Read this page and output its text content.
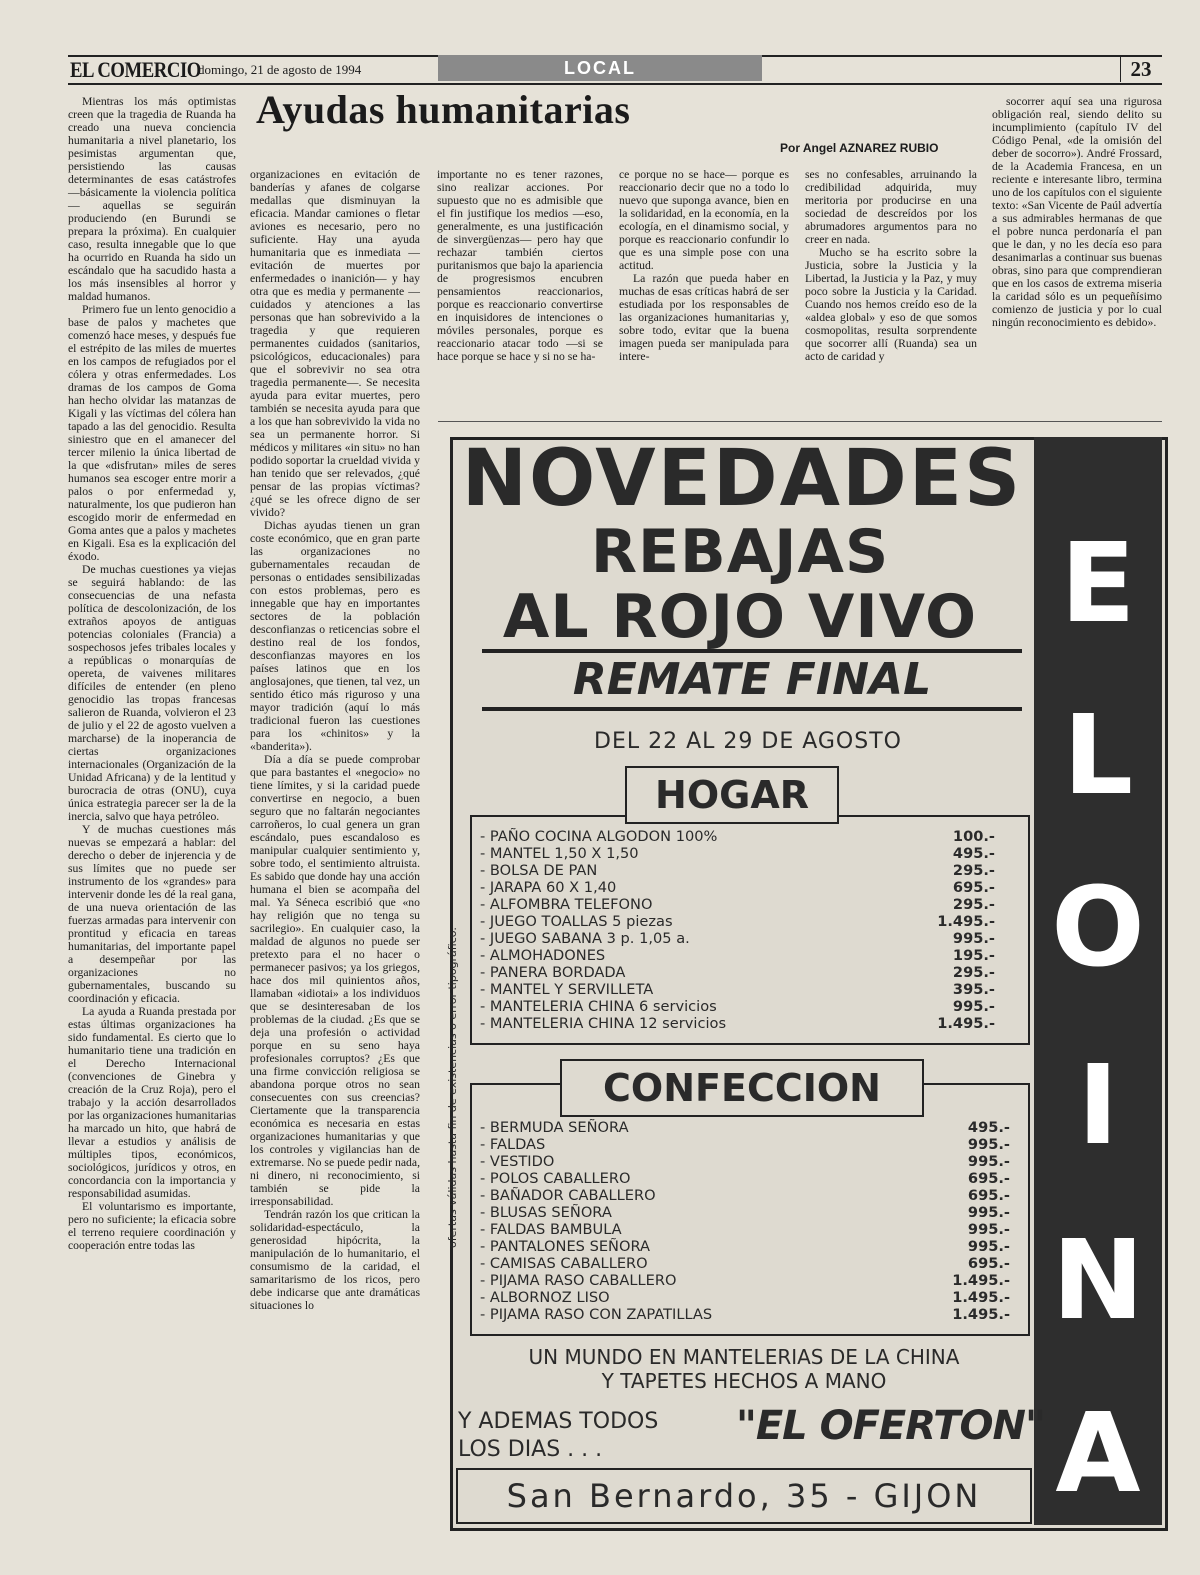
EL COMERCIO
domingo, 21 de agosto de 1994	LOCAL	23
Ayudas humanitarias
Por Angel AZNAREZ RUBIO

Mientras los más optimistas creen que la tragedia de Ruanda ha creado una nueva conciencia humanitaria a nivel planetario, los pesimistas argumentan que, persistiendo las causas determinantes de esas catástrofes —básicamente la violencia política— aquellas se seguirán produciendo (en Burundi se prepara la próxima). En cualquier caso, resulta innegable que lo que ha ocurrido en Ruanda ha sido un escándalo que ha sacudido hasta a los más insensibles al horror y maldad humanos.

Primero fue un lento genocidio a base de palos y machetes que comenzó hace meses, y después fue el estrépito de las miles de muertes en los campos de refugiados por el cólera y otras enfermedades. Los dramas de los campos de Goma han hecho olvidar las matanzas de Kigali y las víctimas del cólera han tapado a las del genocidio. Resulta siniestro que en el amanecer del tercer milenio la única libertad de la que «disfrutan» miles de seres humanos sea escoger entre morir a palos o por enfermedad y, naturalmente, los que pudieron han escogido morir de enfermedad en Goma antes que a palos y machetes en Kigali. Esa es la explicación del éxodo.

De muchas cuestiones ya viejas se seguirá hablando: de las consecuencias de una nefasta política de descolonización, de los extraños apoyos de antiguas potencias coloniales (Francia) a sospechosos jefes tribales locales y a repúblicas o monarquías de opereta, de vaivenes militares difíciles de entender (en pleno genocidio las tropas francesas salieron de Ruanda, volvieron el 23 de julio y el 22 de agosto vuelven a marcharse) de la inoperancia de ciertas organizaciones internacionales (Organización de la Unidad Africana) y de la lentitud y burocracia de otras (ONU), cuya única estrategia parecer ser la de la inercia, salvo que haya petróleo.

Y de muchas cuestiones más nuevas se empezará a hablar: del derecho o deber de injerencia y de sus límites que no puede ser instrumento de los «grandes» para intervenir donde les dé la real gana, de una nueva orientación de las fuerzas armadas para intervenir con prontitud y eficacia en tareas humanitarias, del importante papel a desempeñar por las organizaciones no gubernamentales, buscando su coordinación y eficacia.

La ayuda a Ruanda prestada por estas últimas organizaciones ha sido fundamental. Es cierto que lo humanitario tiene una tradición en el Derecho Internacional (convenciones de Ginebra y creación de la Cruz Roja), pero el trabajo y la acción desarrollados por las organizaciones humanitarias ha marcado un hito, que habrá de llevar a estudios y análisis de múltiples tipos, económicos, sociológicos, jurídicos y otros, en concordancia con la importancia y responsabilidad asumidas.

El voluntarismo es importante, pero no suficiente; la eficacia sobre el terreno requiere coordinación y cooperación entre todas las

organizaciones en evitación de banderías y afanes de colgarse medallas que disminuyan la eficacia. Mandar camiones o fletar aviones es necesario, pero no suficiente. Hay una ayuda humanitaria que es inmediata —evitación de muertes por enfermedades o inanición— y hay otra que es media y permanente —cuidados y atenciones a las personas que han sobrevivido a la tragedia y que requieren permanentes cuidados (sanitarios, psicológicos, educacionales) para que el sobrevivir no sea otra tragedia permanente—. Se necesita ayuda para evitar muertes, pero también se necesita ayuda para que a los que han sobrevivido la vida no sea un permanente horror. Si médicos y militares «in situ» no han podido soportar la crueldad vivida y han tenido que ser relevados, ¿qué pensar de las propias víctimas? ¿qué se les ofrece digno de ser vivido?

Dichas ayudas tienen un gran coste económico, que en gran parte las organizaciones no gubernamentales recaudan de personas o entidades sensibilizadas con estos problemas, pero es innegable que hay en importantes sectores de la población desconfianzas o reticencias sobre el destino real de los fondos, desconfianzas mayores en los países latinos que en los anglosajones, que tienen, tal vez, un sentido ético más riguroso y una mayor tradición (aquí lo más tradicional fueron las cuestiones para los «chinitos» y la «banderita»).

Día a día se puede comprobar que para bastantes el «negocio» no tiene límites, y si la caridad puede convertirse en negocio, a buen seguro que no faltarán negociantes carroñeros, lo cual genera un gran escándalo, pues escandaloso es manipular cualquier sentimiento y, sobre todo, el sentimiento altruista. Es sabido que donde hay una acción humana el bien se acompaña del mal. Ya Séneca escribió que «no hay religión que no tenga su sacrilegio». En cualquier caso, la maldad de algunos no puede ser pretexto para el no hacer o permanecer pasivos; ya los griegos, hace dos mil quinientos años, llamaban «idiotai» a los individuos que se desinteresaban de los problemas de la ciudad. ¿Es que se deja una profesión o actividad porque en su seno haya profesionales corruptos? ¿Es que una firme convicción religiosa se abandona porque otros no sean consecuentes con sus creencias? Ciertamente que la transparencia económica es necesaria en estas organizaciones humanitarias y que los controles y vigilancias han de extremarse. No se puede pedir nada, ni dinero, ni reconocimiento, si también se pide la irresponsabilidad.

Tendrán razón los que critican la solidaridad-espectáculo, la generosidad hipócrita, la manipulación de lo humanitario, el consumismo de la caridad, el samaritarismo de los ricos, pero debe indicarse que ante dramáticas situaciones lo

importante no es tener razones, sino realizar acciones. Por supuesto que no es admisible que el fin justifique los medios —eso, generalmente, es una justificación de sinvergüenzas— pero hay que rechazar también ciertos puritanismos que bajo la apariencia de progresismos encubren pensamientos reaccionarios, porque es reaccionario convertirse en inquisidores de intenciones o móviles personales, porque es reaccionario atacar todo —si se hace porque se hace y si no se ha-

ce porque no se hace— porque es reaccionario decir que no a todo lo nuevo que suponga avance, bien en la solidaridad, en la economía, en la ecología, en el dinamismo social, y porque es reaccionario confundir lo que es una simple pose con una actitud.

La razón que pueda haber en muchas de esas críticas habrá de ser estudiada por los responsables de las organizaciones humanitarias y, sobre todo, evitar que la buena imagen pueda ser manipulada para intere-

ses no confesables, arruinando la credibilidad adquirida, muy meritoria por producirse en una sociedad de descreídos por los abrumadores argumentos para no creer en nada.

Mucho se ha escrito sobre la Justicia, sobre la Justicia y la Libertad, la Justicia y la Paz, y muy poco sobre la Justicia y la Caridad. Cuando nos hemos creído eso de la «aldea global» y eso de que somos cosmopolitas, resulta sorprendente que socorrer allí (Ruanda) sea un acto de caridad y

socorrer aquí sea una rigurosa obligación real, siendo delito su incumplimiento (capítulo IV del Código Penal, «de la omisión del deber de socorro»). André Frossard, de la Academia Francesa, en un reciente e interesante libro, termina uno de los capítulos con el siguiente texto: «San Vicente de Paúl advertía a sus admirables hermanas de que el pobre nunca perdonaría el pan que le dan, y no les decía eso para desanimarlas a continuar sus buenas obras, sino para que comprendieran que en los casos de extrema miseria la caridad sólo es un pequeñísimo comienzo de justicia y por lo cual ningún reconocimiento es debido».

E
L
O
I
N
A
NOVEDADES
REBAJAS
AL ROJO VIVO
REMATE FINAL
DEL 22 AL 29 DE AGOSTO
HOGAR
- PAÑO COCINA ALGODON 100%	100.-
- MANTEL 1,50 X 1,50	495.-
- BOLSA DE PAN	295.-
- JARAPA 60 X 1,40	695.-
- ALFOMBRA TELEFONO	295.-
- JUEGO TOALLAS 5 piezas	1.495.-
- JUEGO SABANA 3 p. 1,05 a.	995.-
- ALMOHADONES	195.-
- PANERA BORDADA	295.-
- MANTEL Y SERVILLETA	395.-
- MANTELERIA CHINA 6 servicios	995.-
- MANTELERIA CHINA 12 servicios	1.495.-
CONFECCION
- BERMUDA SEÑORA	495.-
- FALDAS	995.-
- VESTIDO	995.-
- POLOS CABALLERO	695.-
- BAÑADOR CABALLERO	695.-
- BLUSAS SEÑORA	995.-
- FALDAS BAMBULA	995.-
- PANTALONES SEÑORA	995.-
- CAMISAS CABALLERO	695.-
- PIJAMA RASO CABALLERO	1.495.-
- ALBORNOZ LISO	1.495.-
- PIJAMA RASO CON ZAPATILLAS	1.495.-
ofertas válidas hasta fin de existencias o error tipográfico.
UN MUNDO EN MANTELERIAS DE LA CHINA
Y TAPETES HECHOS A MANO
Y ADEMAS TODOS
LOS DIAS . . .
"EL OFERTON"
San Bernardo, 35 - GIJON
